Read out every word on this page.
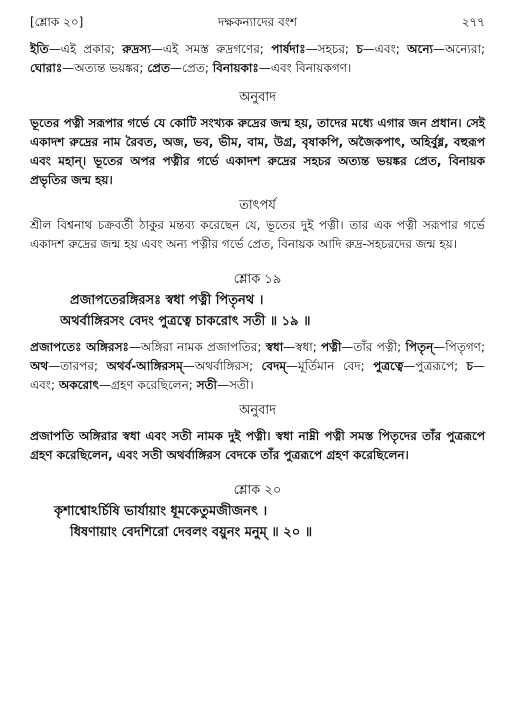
[শ্লোক ২০]	দক্ষকন্যাদের বংশ	২৭৭

ইতি—এই প্রকার; রুদ্রস্য—এই সমস্ত রুদ্রগণের; পার্ষদাঃ—সহচর; চ—এবং; অন্যে—অন্যেরা; ঘোরাঃ—অত্যন্ত ভয়ঙ্কর; প্রেত—প্রেত; বিনায়কাঃ—এবং বিনায়কগণ।

অনুবাদ

ভূতের পত্নী সরূপার গর্ভে যে কোটি সংখ্যক রুদ্রের জন্ম হয়, তাদের মধ্যে এগার জন প্রধান। সেই একাদশ রুদ্রের নাম রৈবত, অজ, ভব, ভীম, বাম, উগ্র, বৃষাকপি, অজৈকপাৎ, অহির্বুধ্ন, বহুরূপ এবং মহান্। ভূতের অপর পত্নীর গর্ভে একাদশ রুদ্রের সহচর অত্যন্ত ভয়ঙ্কর প্রেত, বিনায়ক প্রভৃতির জন্ম হয়।

তাৎপর্য

শ্রীল বিশ্বনাথ চক্রবর্তী ঠাকুর মন্তব্য করেছেন যে, ভূতের দুই পত্নী। তার এক পত্নী সরূপার গর্ভে একাদশ রুদ্রের জন্ম হয় এবং অন্য পত্নীর গর্ভে প্রেত, বিনায়ক আদি রুদ্র-সহচরদের জন্ম হয়।

শ্লোক ১৯

প্রজাপতেরঙ্গিরসঃ স্বধা পত্নী পিতৃনথ ।

অথর্বাঙ্গিরসং বেদং পুত্রত্বে চাকরোৎ সতী ॥ ১৯ ॥

প্রজাপতেঃ অঙ্গিরসঃ—অঙ্গিরা নামক প্রজাপতির; স্বধা—স্বধা; পত্নী—তাঁর পত্নী; পিতৃন্—পিতৃগণ; অথ—তারপর; অথর্ব-আঙ্গিরসম্—অথর্বাঙ্গিরস; বেদম্—মূর্তিমান বেদ; পুত্রত্বে—পুত্ররূপে; চ—এবং; অকরোৎ—গ্রহণ করেছিলেন; সতী—সতী।

অনুবাদ

প্রজাপতি অঙ্গিরার স্বধা এবং সতী নামক দুই পত্নী। স্বধা নাম্নী পত্নী সমস্ত পিতৃদের তাঁর পুত্ররূপে গ্রহণ করেছিলেন, এবং সতী অথর্বাঙ্গিরস বেদকে তাঁর পুত্ররূপে গ্রহণ করেছিলেন।

শ্লোক ২০

কৃশাশ্বোঽর্চিষি ভার্যায়াং ধূমকেতুমজীজনৎ ।

ধিষণায়াং বেদশিরো দেবলং বয়ুনং মনুম্ ॥ ২০ ॥
